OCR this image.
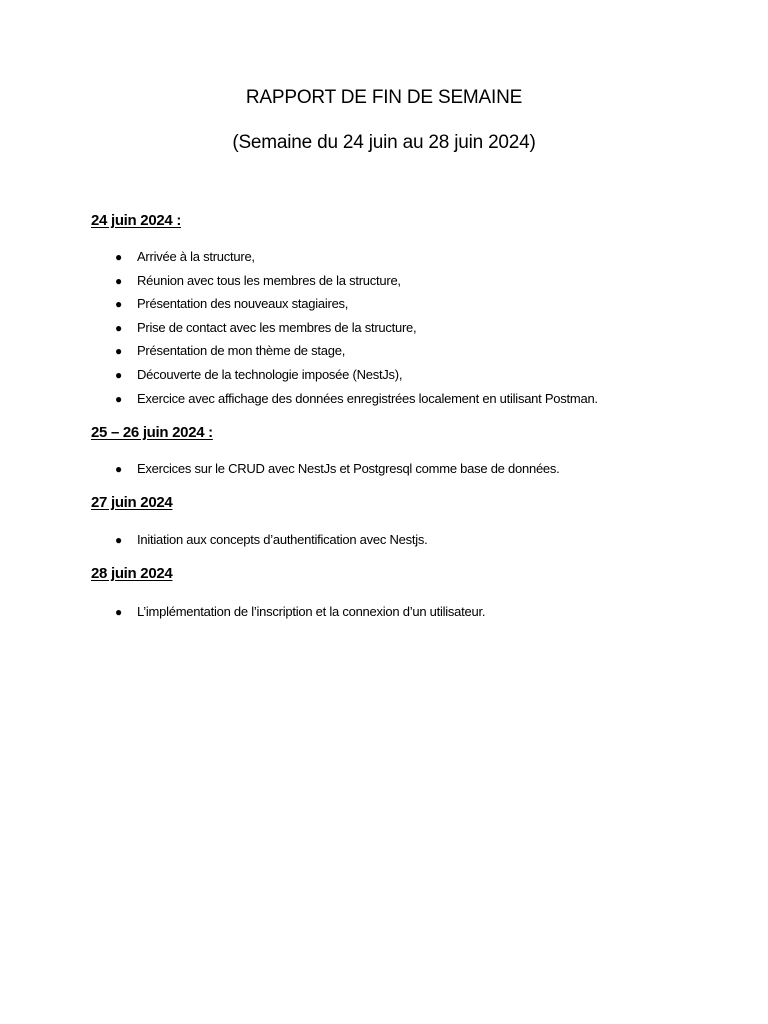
RAPPORT DE FIN DE SEMAINE
(Semaine du 24 juin au 28 juin 2024)
24 juin 2024 :
● Arrivée à la structure,
● Réunion avec tous les membres de la structure,
● Présentation des nouveaux stagiaires,
● Prise de contact avec les membres de la structure,
● Présentation de mon thème de stage,
● Découverte de la technologie imposée (NestJs),
● Exercice avec affichage des données enregistrées localement en utilisant Postman.
25 – 26 juin 2024 :
● Exercices sur le CRUD avec NestJs et Postgresql comme base de données.
27 juin 2024
● Initiation aux concepts d’authentification avec Nestjs.
28 juin 2024
● L’implémentation de l’inscription et la connexion d’un utilisateur.
